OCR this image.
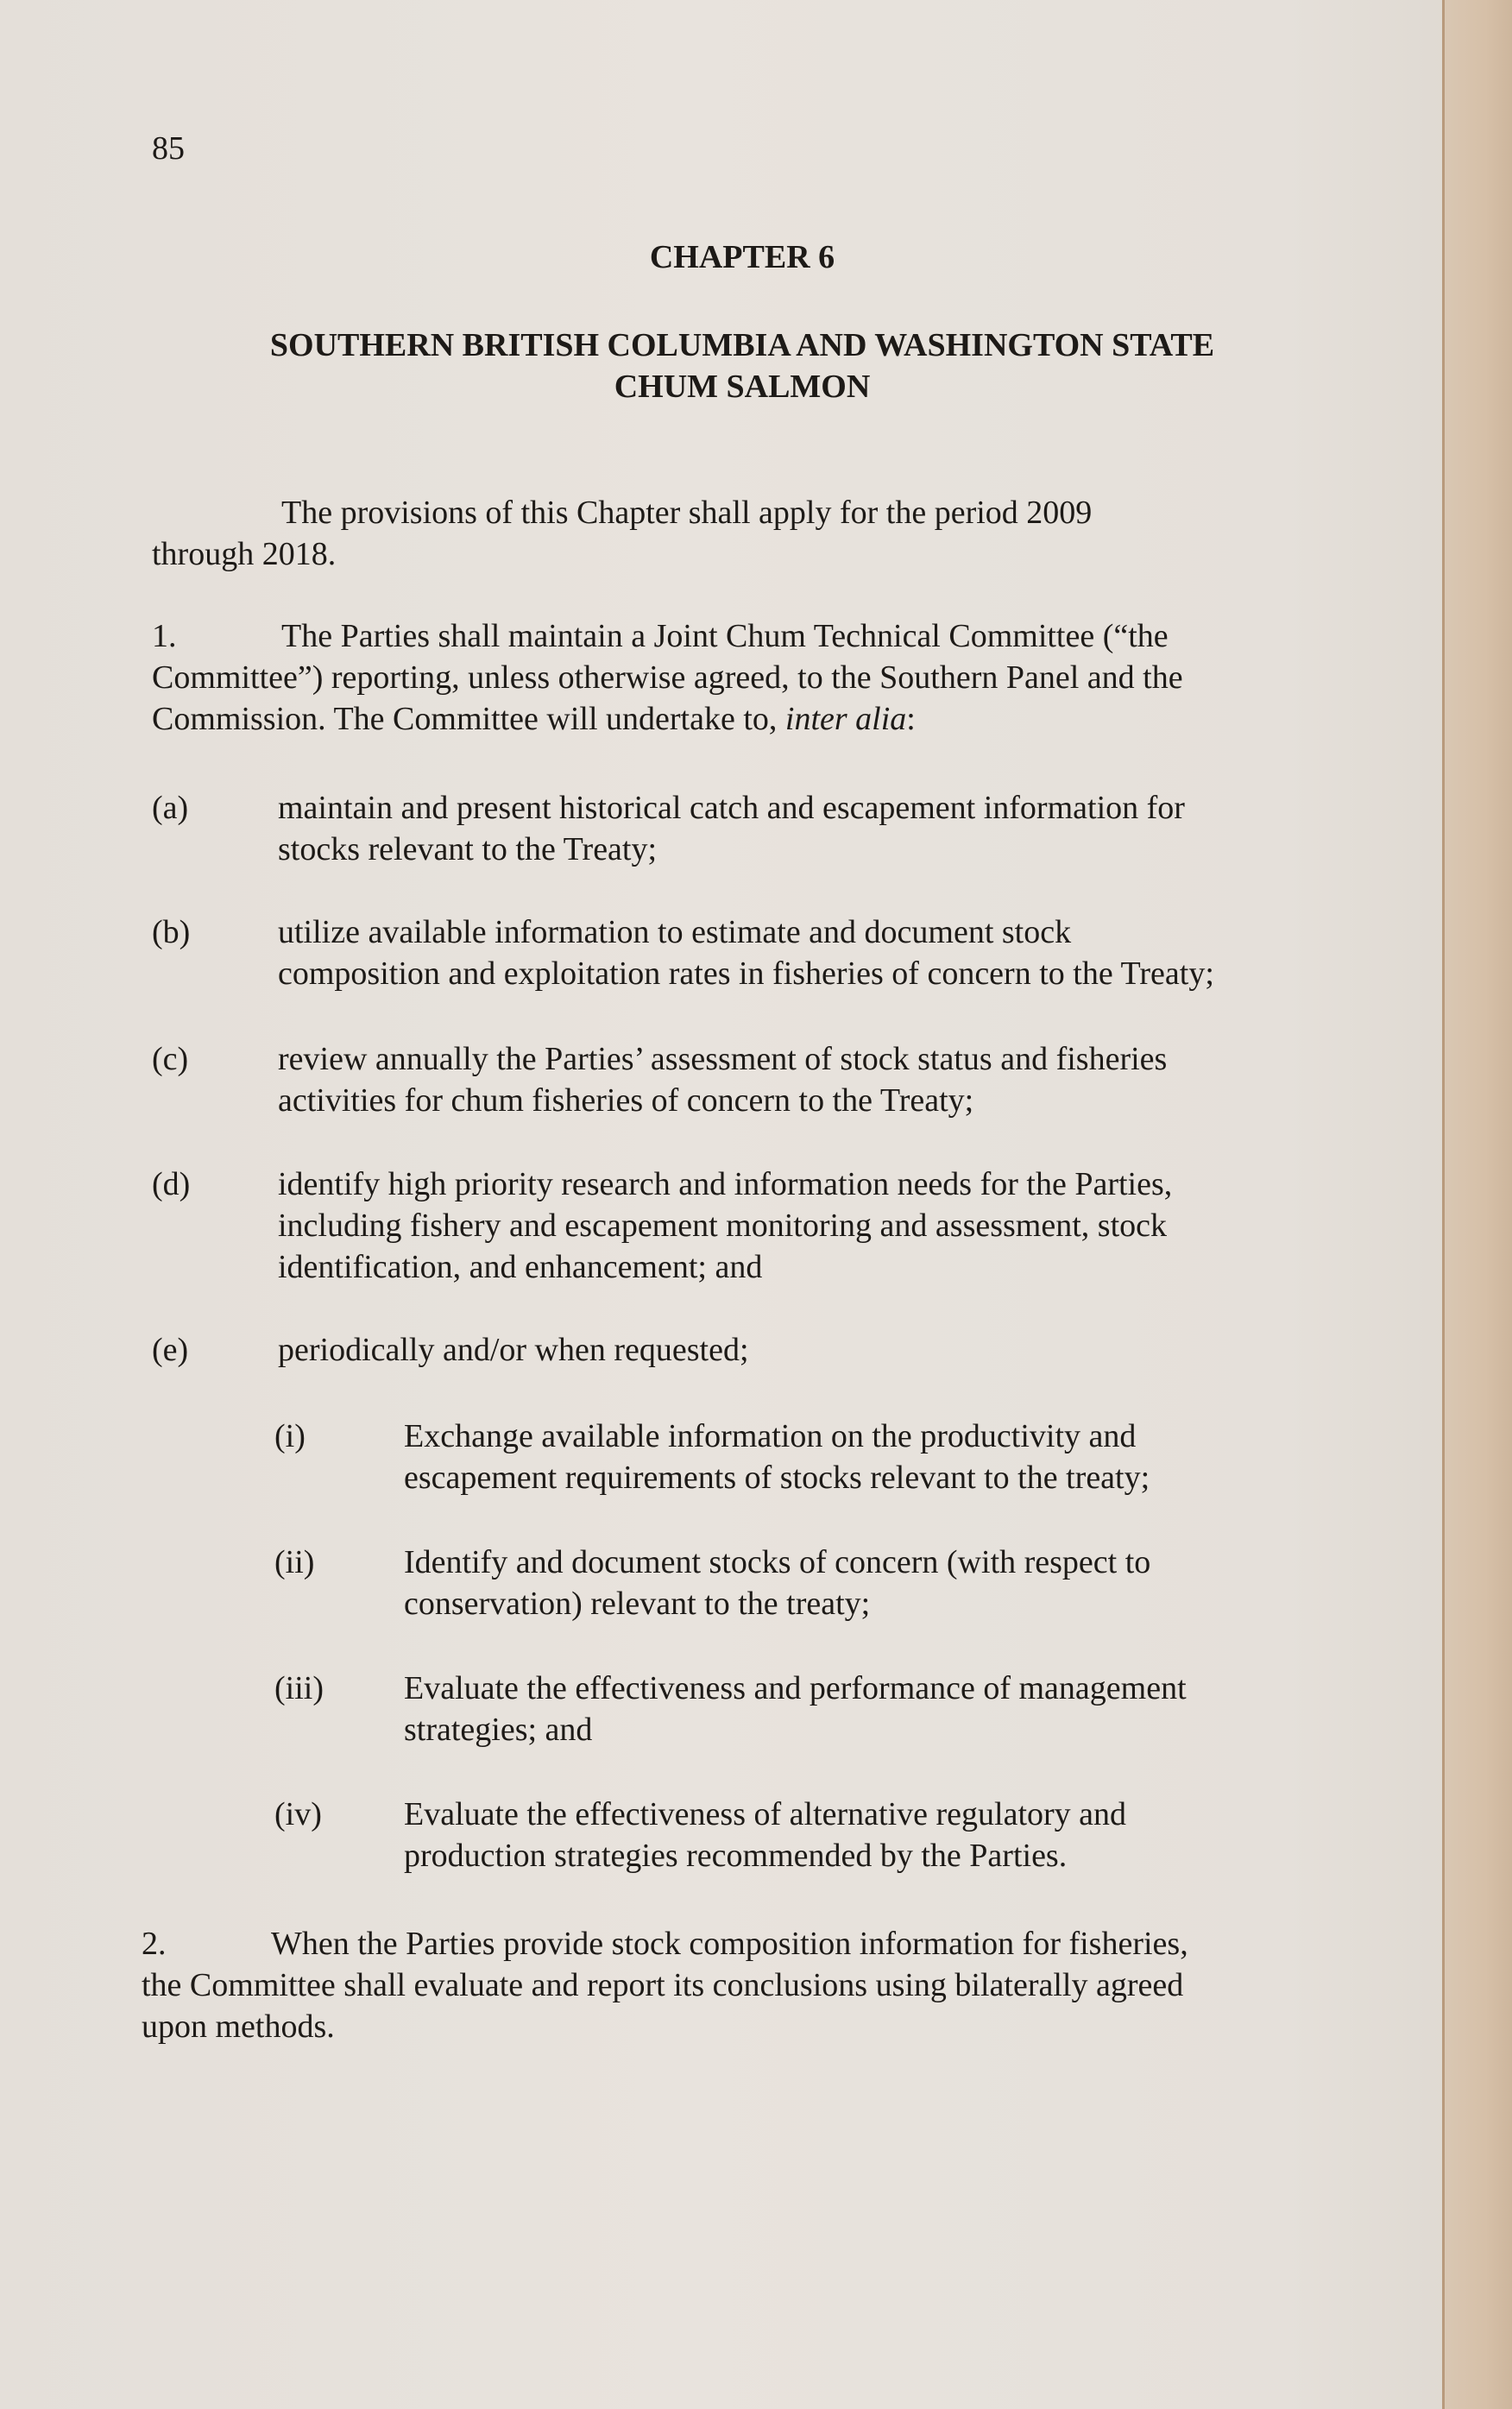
85
CHAPTER 6
SOUTHERN BRITISH COLUMBIA AND WASHINGTON STATE
CHUM SALMON
The provisions of this Chapter shall apply for the period 2009
through 2018.
1.	The Parties shall maintain a Joint Chum Technical Committee (“the
Committee”) reporting, unless otherwise agreed, to the Southern Panel and the
Commission. The Committee will undertake to, inter alia:
(a)	maintain and present historical catch and escapement information for
stocks relevant to the Treaty;
(b)	utilize available information to estimate and document stock
composition and exploitation rates in fisheries of concern to the Treaty;
(c)	review annually the Parties’ assessment of stock status and fisheries
activities for chum fisheries of concern to the Treaty;
(d)	identify high priority research and information needs for the Parties,
including fishery and escapement monitoring and assessment, stock
identification, and enhancement; and
(e)	periodically and/or when requested;
(i)	Exchange available information on the productivity and
escapement requirements of stocks relevant to the treaty;
(ii)	Identify and document stocks of concern (with respect to
conservation) relevant to the treaty;
(iii) Evaluate the effectiveness and performance of management
strategies; and
(iv)	Evaluate the effectiveness of alternative regulatory and
production strategies recommended by the Parties.
2.	When the Parties provide stock composition information for fisheries,
the Committee shall evaluate and report its conclusions using bilaterally agreed
upon methods.
